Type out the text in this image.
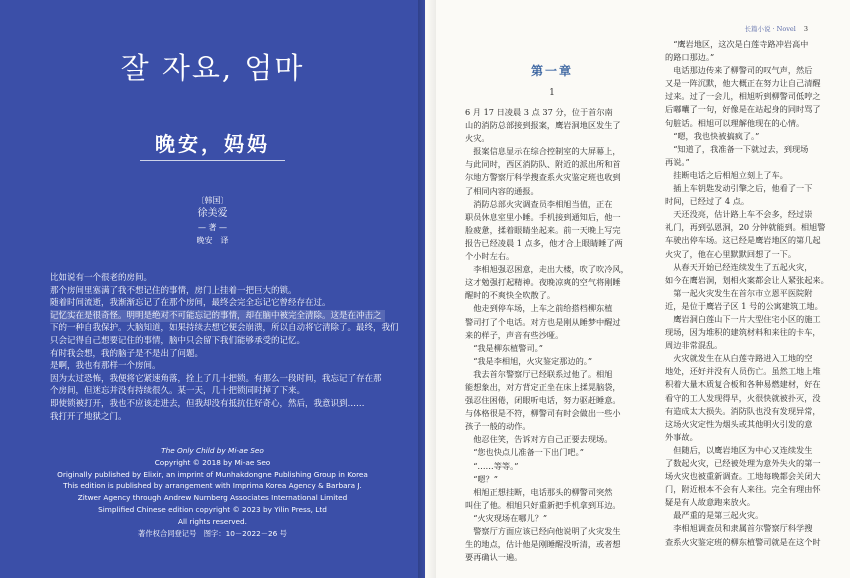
잘 자요, 엄마
晚安，妈妈
〔韩国〕
徐美爱
— 著 —
晚安　译

比如说有一个很老的房间。

那个房间里塞满了我不想记住的事情，房门上挂着一把巨大的锁。

随着时间流逝，我渐渐忘记了在那个房间，最终会完全忘记它曾经存在过。

记忆实在是很奇怪。明明是绝对不可能忘记的事情，却在脑中被完全清除。这是在冲击之

下的一种自我保护。大脑知道，如果持续去想它便会崩溃，所以自动将它清除了。最终，我们

只会记得自己想要记住的事情，脑中只会留下我们能够承受的记忆。

有时我会想，我的脑子是不是出了问题。

是啊，我也有那样一个房间。

因为太过恐怖，我便将它紧速角落，拴上了几十把锁。有那么一段时间，我忘记了存在那

个房间，但迷忘并没有持续很久。某一天，几十把锁同时掉了下来。

即使锁被打开，我也不应该走进去，但我却没有抵抗住好奇心，然后，我意识到……

我打开了地狱之门。

The Only Child by Mi-ae Seo
Copyright © 2018 by Mi-ae Seo
Originally published by Elixir, an imprint of Munhakdongne Publishing Group in Korea
This edition is published by arrangement with Imprima Korea Agency & Barbara J.
Zitwer Agency through Andrew Nurnberg Associates International Limited
Simplified Chinese edition copyright © 2023 by Yilin Press, Ltd
All rights reserved.
著作权合同登记号　图字：10－2022－26 号
长篇小说 · Novel 3
第一章
1

6 月 17 日凌晨 3 点 37 分，位于首尔南

山的消防总部接到报案，鹰岩洞地区发生了

火灾。

　报案信息显示在综合控制室的大屏幕上，

与此同时，西区消防队、附近的派出所和首

尔地方警察厅科学搜查系火灾鉴定班也收到

了相同内容的通报。

　消防总部火灾调查员李相旭当值，正在

职员休息室里小睡。手机接到通知后，他一

脸疲惫，揉着眼睛坐起来。前一天晚上写完

报告已经凌晨 1 点多，他才合上眼睛睡了两

个小时左右。

　李相旭强忍困意，走出大楼，吹了吹冷风，

这才勉强打起精神。夜晚凉爽的空气将刚睡

醒时的不爽快全吹散了。

　他走到停车场，上车之前给搭档柳东植

警司打了个电话。对方也是刚从睡梦中醒过

来的样子，声音有些沙哑。

　“我是柳东植警司。”

　“我是李相旭，火灾鉴定那边的。”

　我去首尔警察厅已经联系过他了。相旭

能想象出，对方背定正坐在床上揉晃脑袋，

强忍住困倦，闭眼听电话，努力驱赶睡意。

与体格很是不符，柳警司有时会做出一些小

孩子一般的动作。

　他忍住笑，告诉对方自己正要去现场。

　“您也快点儿准备一下出门吧。”

　“……等等。”

　“嗯？”

　相旭正想挂断，电话那头的柳警司突然

叫住了他。相旭只好重新把手机拿到耳边。

　“火灾现场在哪儿？”

　警察厅方面应该已经向他说明了火灾发生

生的地点，估计他是刚睡醒没听清，或者想

要再确认一遍。

　“鹰岩地区，这次是白莲寺路冲岩高中

的路口那边。”

　电话那边传来了柳警司的叹气声，然后

又是一阵沉默，他大概正在努力让自己清醒

过来。过了一会儿，相旭听到柳警司低哼之

后嘟囔了一句，好像是在站起身的同时骂了

句脏话。相旭可以理解他现在的心情。

　“嗯，我也快被搞疯了。”

　“知道了，我准备一下就过去，到现场

再说。”

　挂断电话之后相旭立刻上了车。

　插上车钥匙发动引擎之后，他看了一下

时间，已经过了 4 点。

　天还没亮，估计路上车不会多，经过崇

礼门，再到弘恩洞，20 分钟就能到。相旭警

车驶出停车场。这已经是鹰岩地区的第几起

火灾了，他在心里默默回想了一下。

　从春天开始已经连续发生了五起火灾，

如今在鹰岩洞，划相火案都会让人紧张起来。

　第一起火灾发生在首尔市立恩平医院附

近，是位于鹰岩子区 1 号的公寓建筑工地。

　鹰岩洞白莲山下一片大型住宅小区的施工

现场，因为堆积的建筑材料和来往的卡车，

周边非常混乱。

　火灾就发生在从白莲寺路进入工地的空

地处，还好并没有人员伤亡。虽然工地上堆

积着大量木质复合板和各种易燃建材，好在

看守的工人发现得早，火很快就被扑灭，没

有造成太大损失。消防队也没有发现异常，

这场火灾定性为烟头或其他明火引发的意

外事故。

　但随后，以鹰岩地区为中心又连续发生

了数起火灾，已经被处理为意外失火的第一

场火灾也被重新调查。工地每晚都会关闭大

门，附近根本不会有人来往。完全有理由怀

疑是有人故意跑来放火。

　最严重的是第三起火灾。

　李相旭调查员和隶属首尔警察厅科学搜

查系火灾鉴定班的柳东植警司就是在这个时
